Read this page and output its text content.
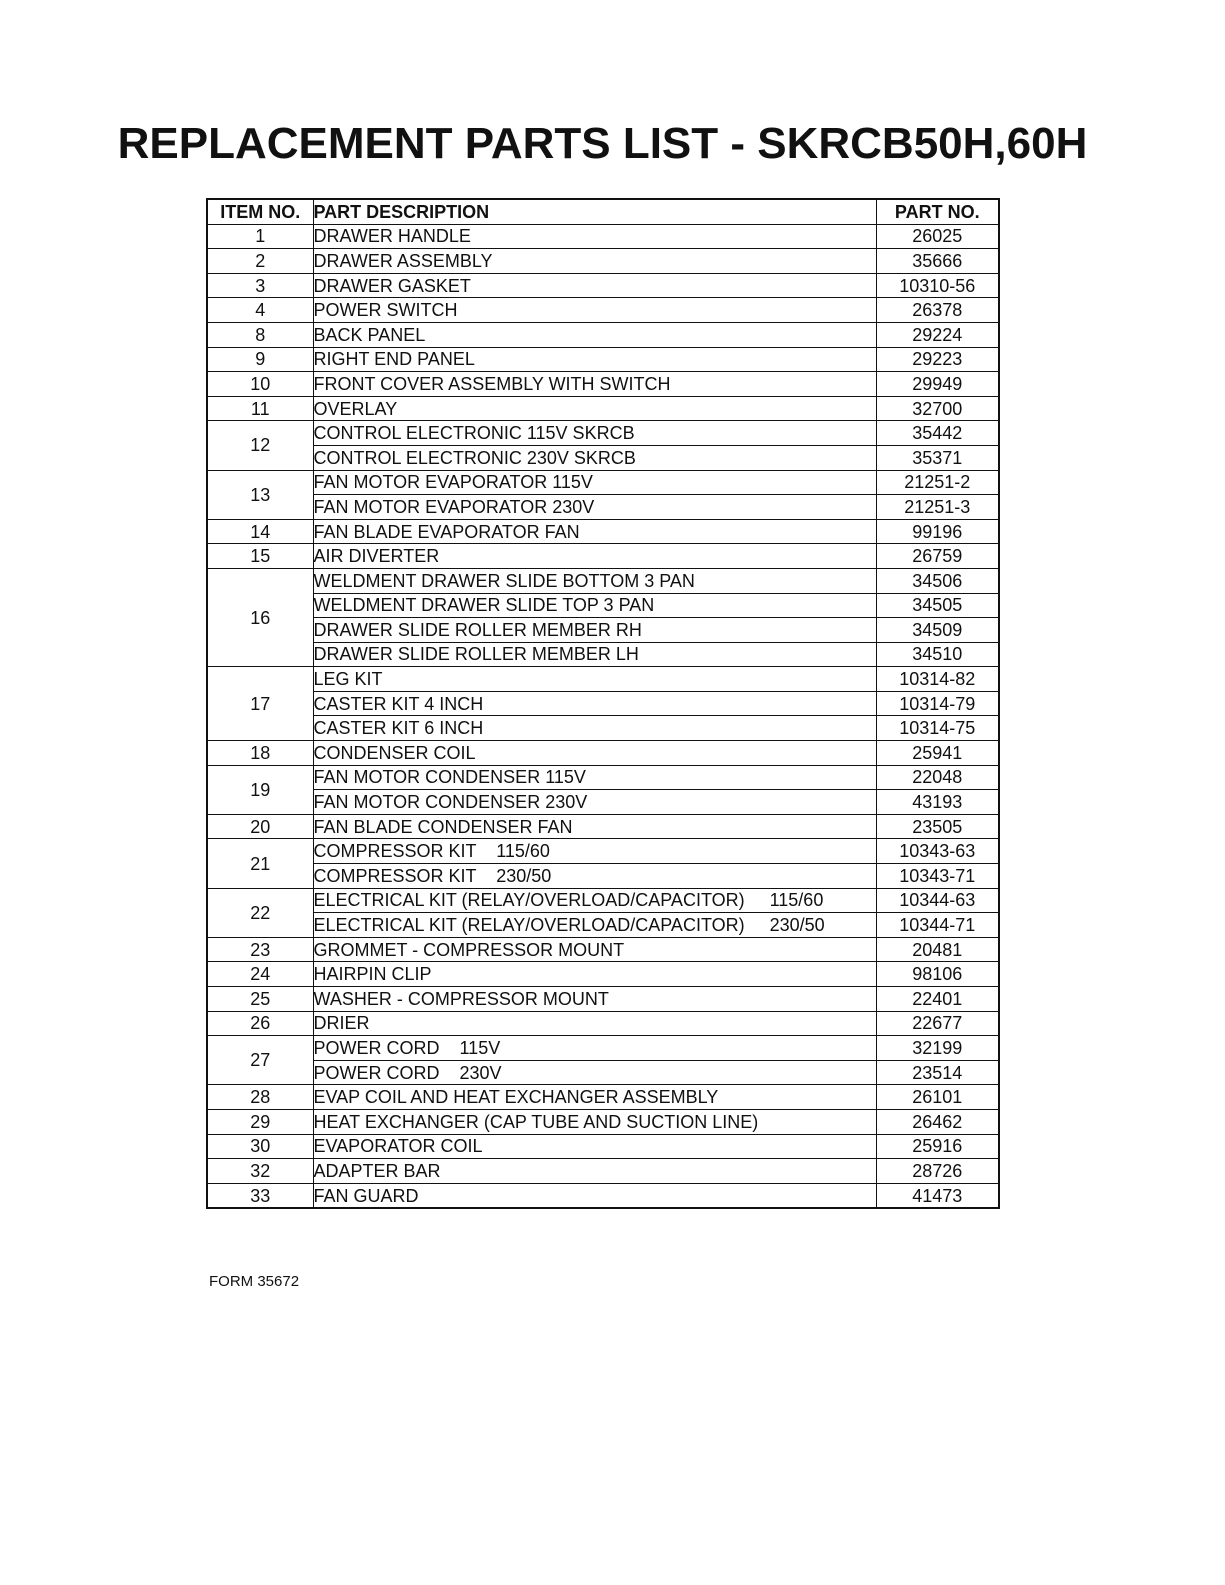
REPLACEMENT PARTS LIST - SKRCB50H,60H
ITEM NO.	PART DESCRIPTION	PART NO.
1	DRAWER HANDLE	26025
2	DRAWER ASSEMBLY	35666
3	DRAWER GASKET	10310-56
4	POWER SWITCH	26378
8	BACK PANEL	29224
9	RIGHT END PANEL	29223
10	FRONT COVER ASSEMBLY WITH SWITCH	29949
11	OVERLAY	32700
12	CONTROL ELECTRONIC 115V SKRCB	35442
	CONTROL ELECTRONIC 230V SKRCB	35371
13	FAN MOTOR EVAPORATOR 115V	21251-2
	FAN MOTOR EVAPORATOR 230V	21251-3
14	FAN BLADE EVAPORATOR FAN	99196
15	AIR DIVERTER	26759
16	WELDMENT DRAWER SLIDE BOTTOM 3 PAN	34506
	WELDMENT DRAWER SLIDE TOP 3 PAN	34505
	DRAWER SLIDE ROLLER MEMBER RH	34509
	DRAWER SLIDE ROLLER MEMBER LH	34510
17	LEG KIT	10314-82
	CASTER KIT 4 INCH	10314-79
	CASTER KIT 6 INCH	10314-75
18	CONDENSER COIL	25941
19	FAN MOTOR CONDENSER 115V	22048
	FAN MOTOR CONDENSER 230V	43193
20	FAN BLADE CONDENSER FAN	23505
21	COMPRESSOR KIT    115/60	10343-63
	COMPRESSOR KIT    230/50	10343-71
22	ELECTRICAL KIT (RELAY/OVERLOAD/CAPACITOR)     115/60	10344-63
	ELECTRICAL KIT (RELAY/OVERLOAD/CAPACITOR)     230/50	10344-71
23	GROMMET - COMPRESSOR MOUNT	20481
24	HAIRPIN CLIP	98106
25	WASHER - COMPRESSOR MOUNT	22401
26	DRIER	22677
27	POWER CORD    115V	32199
	POWER CORD    230V	23514
28	EVAP COIL AND HEAT EXCHANGER ASSEMBLY	26101
29	HEAT EXCHANGER (CAP TUBE AND SUCTION LINE)	26462
30	EVAPORATOR COIL	25916
32	ADAPTER BAR	28726
33	FAN GUARD	41473
FORM 35672
